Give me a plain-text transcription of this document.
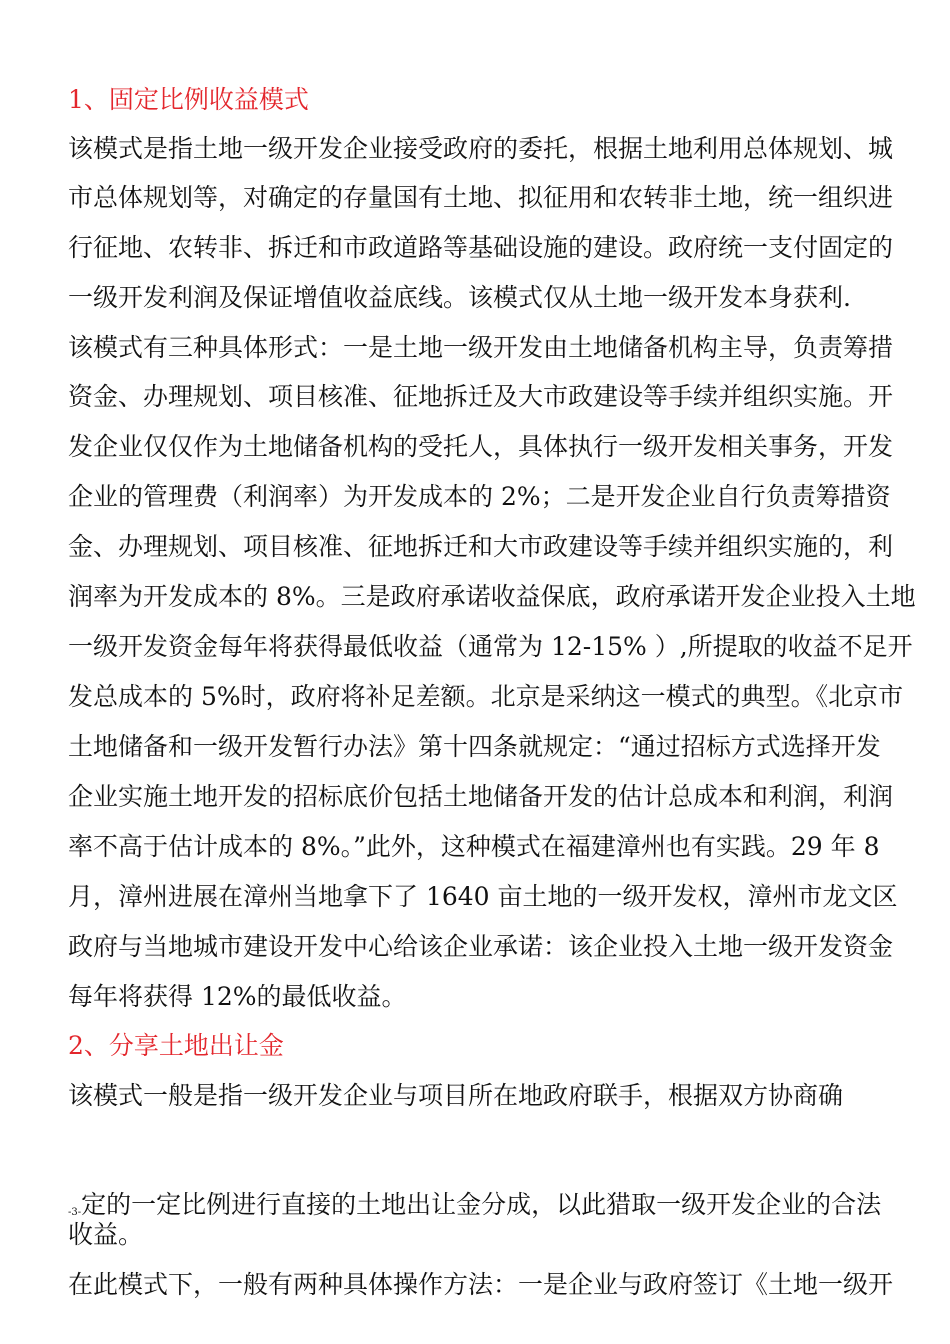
1、固定比例收益模式
该模式是指土地一级开发企业接受政府的委托，根据土地利用总体规划、城
市总体规划等，对确定的存量国有土地、拟征用和农转非土地，统一组织进
行征地、农转非、拆迁和市政道路等基础设施的建设。政府统一支付固定的
一级开发利润及保证增值收益底线。该模式仅从土地一级开发本身获利.
该模式有三种具体形式：一是土地一级开发由土地储备机构主导，负责筹措
资金、办理规划、项目核准、征地拆迁及大市政建设等手续并组织实施。开
发企业仅仅作为土地储备机构的受托人，具体执行一级开发相关事务，开发
企业的管理费（利润率）为开发成本的 2%；二是开发企业自行负责筹措资
金、办理规划、项目核准、征地拆迁和大市政建设等手续并组织实施的，利
润率为开发成本的 8%。三是政府承诺收益保底，政府承诺开发企业投入土地
一级开发资金每年将获得最低收益（通常为 12-15% ）,所提取的收益不足开
发总成本的 5%时，政府将补足差额。北京是采纳这一模式的典型。《北京市
土地储备和一级开发暂行办法》第十四条就规定：“通过招标方式选择开发
企业实施土地开发的招标底价包括土地储备开发的估计总成本和利润，利润
率不高于估计成本的 8%。”此外，这种模式在福建漳州也有实践。29 年 8
月，漳州进展在漳州当地拿下了 1640 亩土地的一级开发权，漳州市龙文区
政府与当地城市建设开发中心给该企业承诺：该企业投入土地一级开发资金
每年将获得 12%的最低收益。
2、分享土地出让金
该模式一般是指一级开发企业与项目所在地政府联手，根据双方协商确
-3-定的一定比例进行直接的土地出让金分成，以此猎取一级开发企业的合法
收益。
在此模式下，一般有两种具体操作方法：一是企业与政府签订《土地一级开
